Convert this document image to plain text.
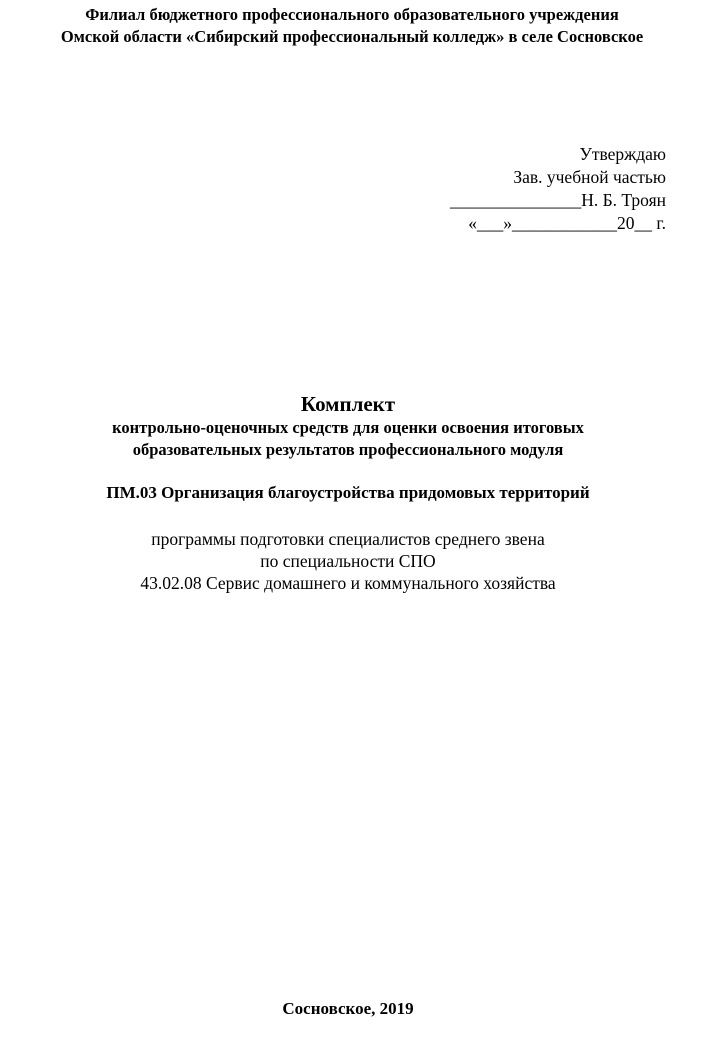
Филиал бюджетного профессионального образовательного учреждения
Омской области «Сибирский профессиональный колледж» в селе Сосновское
Утверждаю
Зав. учебной частью
_______________Н. Б. Троян
«___»____________20__ г.
Комплект
контрольно-оценочных средств для оценки освоения итоговых
образовательных результатов профессионального модуля
ПМ.03 Организация благоустройства придомовых территорий
программы подготовки специалистов среднего звена
по специальности СПО
43.02.08 Сервис домашнего и коммунального хозяйства
Сосновское, 2019
